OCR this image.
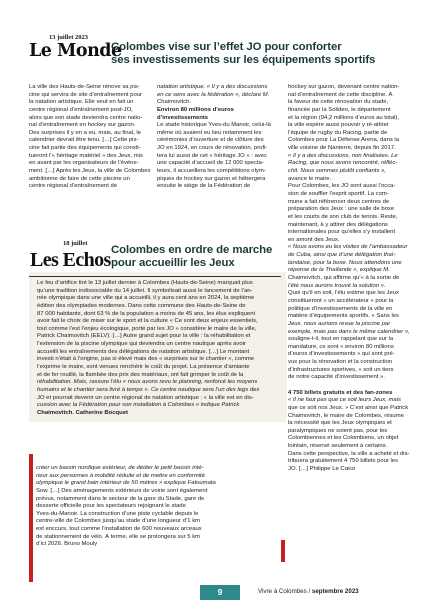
13 juillet 2023
Le Monde
Colombes vise sur l’effet JO pour conforter
ses investissements sur les équipements sportifs
La ville des Hauts-de-Seine rénove sa pis-
cine qui servira de site d’entraînement pour
la natation artistique. Elle veut en fait un
centre régional d’entraînement post-JO,
alors que son stade deviendra centre natio-
nal d’entraînement en hockey sur gazon.
Des surprises il y en a eu, mais, au final, le
calendrier devrait être tenu. […] Cette pis-
cine fait partie des équipements qui consti-
tueront l’« héritage matériel » des Jeux, mis
en avant par les organisateurs de l’événe-
ment. […] Après les Jeux, la ville de Colombes
ambitionne de faire de cette piscine un
centre régional d’entraînement de
natation artistique. « Il y a des discussions
en ce sens avec la fédération », déclare M.
Chaimovitch.
Environ 80 millions d’euros
d’investissements
Le stade historique Yves-du Manoir, celui-là
même où avaient eu lieu notamment les
cérémonies d’ouverture et de clôture des
JO en 1924, en cours de rénovation, profi-
tera lui aussi de cet « héritage JO » : avec
une capacité d’accueil de 12 000 specta-
teurs, il accueillera les compétitions olym-
piques de hockey sur gazon et hébergera
ensuite le siège de la Fédération de
hockey sur gazon, devenant centre nation-
nal d’entraînement de cette discipline. À
la faveur de cette rénovation du stade,
financée par la Solideo, le département
et la région (94,2 millions d’euros au total),
la ville espère aussi pouvoir y ré-attirer
l’équipe de rugby du Racing, partie de
Colombes pour La Défense Arena, dans la
ville voisine de Nanterre, depuis fin 2017.
« Il y a des discussions, non finalisées. Le
Racing, que nous avons rencontré, réfléc-
chit. Nous sommes plutôt confiants »,
avance le maire.
Pour Colombes, les JO sont aussi l’occa-
sion de souffler l’esprit sportif. La com-
mune a fait référencer deux centres de
préparation des Jeux : une salle de boxe
et les courts de son club de tennis. Reste,
maintenant, à y attirer des délégations
internationales pour qu’elles s’y installent
en amont des Jeux.
« Nous avons eu les visites de l’ambassadeur
de Cuba, ainsi que d’une délégation thaï-
landaise, pour la boxe. Nous attendons une
réponse de la Thaïlande », explique M.
Chaimovitch, qui affirme qu’« à la sortie de
l’été nous aurons trouvé la solution ».
Quoi qu’il en soit, l’élu estime que les Jeux
constitueront « un accélérateur » pour la
politique d’investissements de la ville en
matière d’équipements sportifs. « Sans les
Jeux, nous aurions revue la piscine par
exemple, mais pas dans le même calendrier »,
souligne-t-il, tout en rappelant que sur la
mandature, ce sont « environ 80 millions
d’euros d’investissements » qui sont pré-
vus pour la rénovation et la construction
d’infrastructures sportives, « soit un tiers
de notre capacité d’investissement ».
4 750 billets gratuits et des fan-zones
« Il ne faut pas que ce soit leurs Jeux, mais
que ce soit nos Jeux. » C’est ainsi que Patrick
Chaimovitch, le maire de Colombes, résume
la nécessité que les Jeux olympiques et
paralympiques ne soient pas, pour les
Colombiennes et les Colombiens, un objet
lointain, réservé seulement à certains.
Dans cette perspective, la ville a acheté et dis-
tribuera gratuitement 4 750 billets pour les
JO. […] Philippe Le Cœur
18 juillet
Les Echos Colombes en ordre de marche
pour accueillir les Jeux
Le feu d’artifice tiré le 13 juillet dernier à Colombes (Hauts-de-Seine) marquait plus
qu’une tradition indissociable du 14 juillet. Il symbolisait aussi le lancement de l’an-
née olympique dans une ville qui a accueilli, il y aura cent ans en 2024, la septième
édition des olympiades modernes. Dans cette commune des Hauts-de-Seine de
87 000 habitants, dont 63 % de la population a moins de 45 ans, les élus expliquent
avoir fait le choix de miser sur le sport et la culture « Ce sont deux enjeux essentiels,
tout comme l’est l’enjeu écologique, porté par les JO » considère le maire de la ville,
Patrick Chaimovitch (EELV). […] Autre grand sujet pour la ville : la réhabilitation et
l’extension de la piscine olympique qui deviendra un centre nautique après avoir
accueilli les entraînements des délégations de natation artistique. […] Le montant
investi n’était à l’origine, pas si élevé mais des « surprises sur le chantier », comme
l’exprime le maire, sont venues renchérir le coût du projet. La présence d’amiante
et de fer rouillé, la flambée des prix des matériaux, ont fait grimper le coût de la
réhabilitation. Mais, rassure l’élu « nous avons revu le planning, renforcé les moyens
humains et le chantier sera livré à temps ». Ce centre nautique sera l’un des legs des
JO et pourrait devenir un centre régional de natation artistique : « la ville est en dis-
cussion avec la Fédération pour son installation à Colombes » indique Patrick
Chaimovitch. Catherine Bocquet
créer un bassin nordique extérieur, de dédier le petit bassin inté-
rieur aux personnes à mobilité réduite et de mettre en conformité
olympique le grand bain intérieur de 50 mètres » explique Fatoumata
Sow. […] Des aménagements extérieurs de voirie sont également
prévus, notamment dans le secteur de la gare du Stade, gare de
desserte officielle pour les spectateurs rejoignant le stade
Yves-du-Manoir. La construction d’une piste cyclable depuis le
centre-ville de Colombes jusqu’au stade d’une longueur d’1 km
est enccurs, tout comme l’installation de 600 nouveaux arceaux
de stationnement de vélo. À terme, elle se prolongera sur 5 km
d’ici 2026. Bruno Mouly
9	Vivre à Colombes / septembre 2023
